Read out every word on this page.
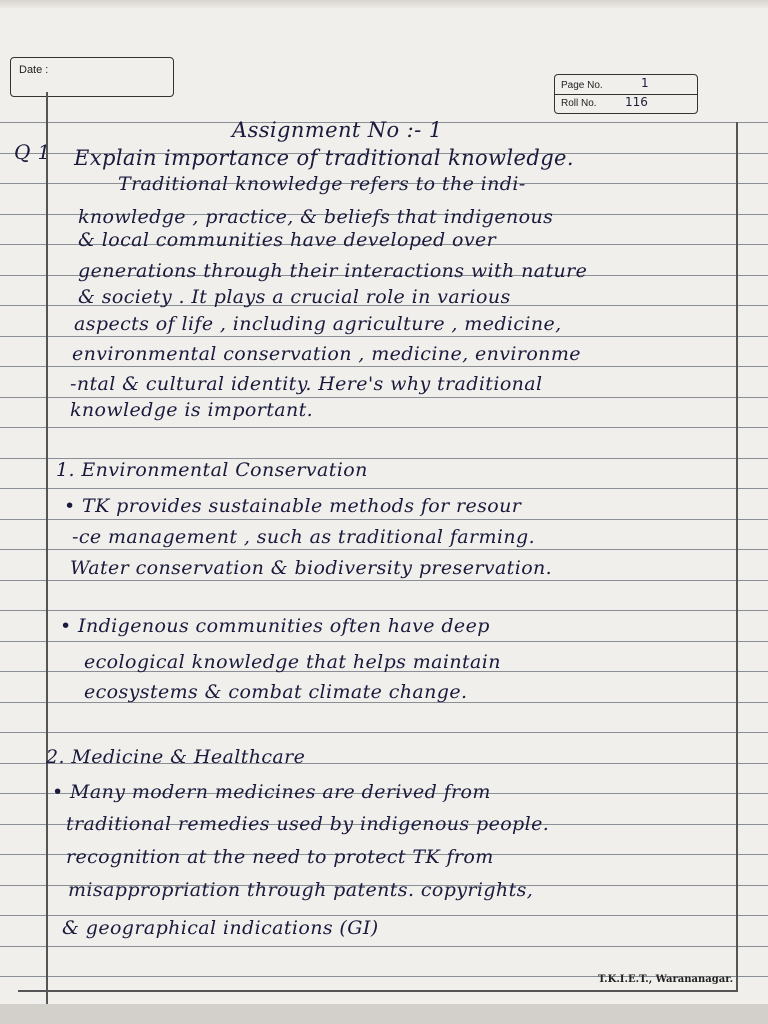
Date :
Page No.
Roll No.
1
116

Assignment No :- 1

Q 1 Explain importance of traditional knowledge.

Traditional knowledge refers to the indi-

knowledge , practice, & beliefs that indigenous

& local communities have developed over

generations through their interactions with nature

& society . It plays a crucial role in various

aspects of life , including agriculture , medicine,

environmental conservation , medicine, environme

-ntal & cultural identity. Here's why traditional

knowledge is important.

1. Environmental Conservation

• TK provides sustainable methods for resour

-ce management , such as traditional farming.

Water conservation & biodiversity preservation.

• Indigenous communities often have deep

ecological knowledge that helps maintain

ecosystems & combat climate change.

2. Medicine & Healthcare

• Many modern medicines are derived from

traditional remedies used by indigenous people.

recognition at the need to protect TK from

misappropriation through patents. copyrights,

& geographical indications (GI)

T.K.I.E.T., Warananagar.
